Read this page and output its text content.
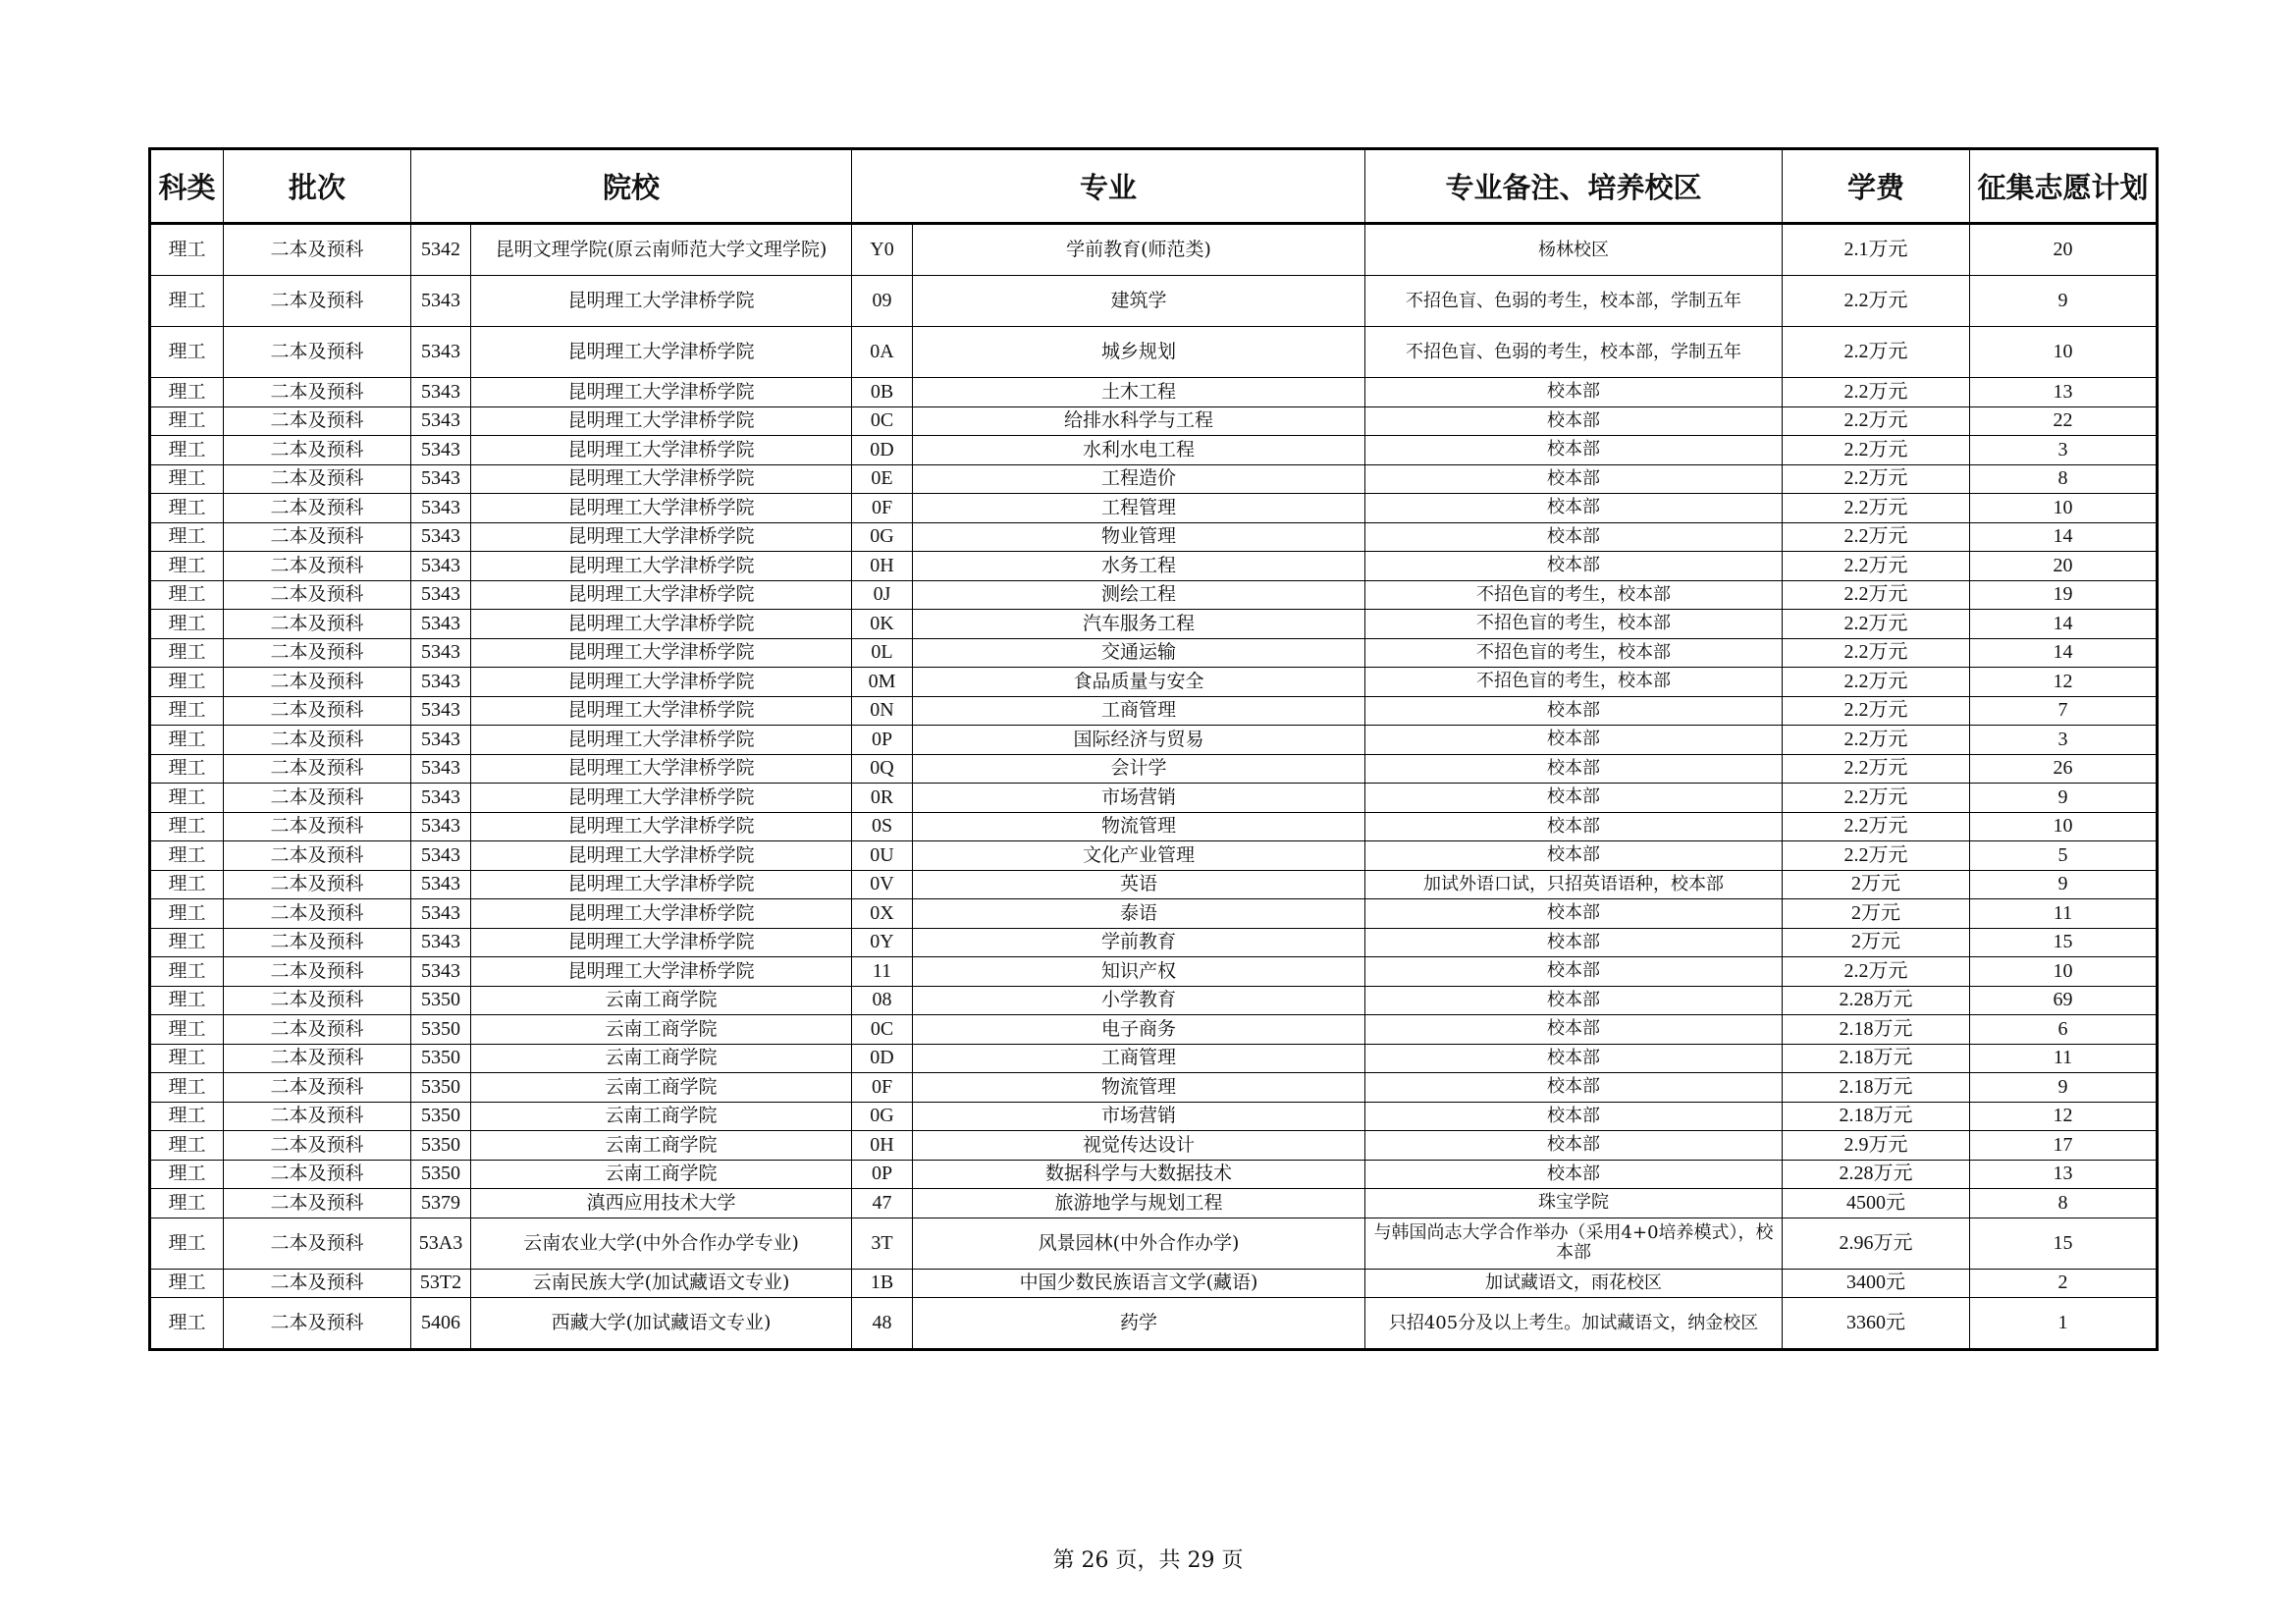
科类	批次	院校		专业		专业备注、培养校区	学费	征集志愿计划
理工	二本及预科	5342	昆明文理学院(原云南师范大学文理学院)	Y0	学前教育(师范类)	杨林校区	2.1万元	20
理工	二本及预科	5343	昆明理工大学津桥学院	09	建筑学	不招色盲、色弱的考生，校本部，学制五年	2.2万元	9
理工	二本及预科	5343	昆明理工大学津桥学院	0A	城乡规划	不招色盲、色弱的考生，校本部，学制五年	2.2万元	10
理工	二本及预科	5343	昆明理工大学津桥学院	0B	土木工程	校本部	2.2万元	13
理工	二本及预科	5343	昆明理工大学津桥学院	0C	给排水科学与工程	校本部	2.2万元	22
理工	二本及预科	5343	昆明理工大学津桥学院	0D	水利水电工程	校本部	2.2万元	3
理工	二本及预科	5343	昆明理工大学津桥学院	0E	工程造价	校本部	2.2万元	8
理工	二本及预科	5343	昆明理工大学津桥学院	0F	工程管理	校本部	2.2万元	10
理工	二本及预科	5343	昆明理工大学津桥学院	0G	物业管理	校本部	2.2万元	14
理工	二本及预科	5343	昆明理工大学津桥学院	0H	水务工程	校本部	2.2万元	20
理工	二本及预科	5343	昆明理工大学津桥学院	0J	测绘工程	不招色盲的考生，校本部	2.2万元	19
理工	二本及预科	5343	昆明理工大学津桥学院	0K	汽车服务工程	不招色盲的考生，校本部	2.2万元	14
理工	二本及预科	5343	昆明理工大学津桥学院	0L	交通运输	不招色盲的考生，校本部	2.2万元	14
理工	二本及预科	5343	昆明理工大学津桥学院	0M	食品质量与安全	不招色盲的考生，校本部	2.2万元	12
理工	二本及预科	5343	昆明理工大学津桥学院	0N	工商管理	校本部	2.2万元	7
理工	二本及预科	5343	昆明理工大学津桥学院	0P	国际经济与贸易	校本部	2.2万元	3
理工	二本及预科	5343	昆明理工大学津桥学院	0Q	会计学	校本部	2.2万元	26
理工	二本及预科	5343	昆明理工大学津桥学院	0R	市场营销	校本部	2.2万元	9
理工	二本及预科	5343	昆明理工大学津桥学院	0S	物流管理	校本部	2.2万元	10
理工	二本及预科	5343	昆明理工大学津桥学院	0U	文化产业管理	校本部	2.2万元	5
理工	二本及预科	5343	昆明理工大学津桥学院	0V	英语	加试外语口试，只招英语语种，校本部	2万元	9
理工	二本及预科	5343	昆明理工大学津桥学院	0X	泰语	校本部	2万元	11
理工	二本及预科	5343	昆明理工大学津桥学院	0Y	学前教育	校本部	2万元	15
理工	二本及预科	5343	昆明理工大学津桥学院	11	知识产权	校本部	2.2万元	10
理工	二本及预科	5350	云南工商学院	08	小学教育	校本部	2.28万元	69
理工	二本及预科	5350	云南工商学院	0C	电子商务	校本部	2.18万元	6
理工	二本及预科	5350	云南工商学院	0D	工商管理	校本部	2.18万元	11
理工	二本及预科	5350	云南工商学院	0F	物流管理	校本部	2.18万元	9
理工	二本及预科	5350	云南工商学院	0G	市场营销	校本部	2.18万元	12
理工	二本及预科	5350	云南工商学院	0H	视觉传达设计	校本部	2.9万元	17
理工	二本及预科	5350	云南工商学院	0P	数据科学与大数据技术	校本部	2.28万元	13
理工	二本及预科	5379	滇西应用技术大学	47	旅游地学与规划工程	珠宝学院	4500元	8
理工	二本及预科	53A3	云南农业大学(中外合作办学专业)	3T	风景园林(中外合作办学)	与韩国尚志大学合作举办（采用4+0培养模式），校本部	2.96万元	15
理工	二本及预科	53T2	云南民族大学(加试藏语文专业)	1B	中国少数民族语言文学(藏语)	加试藏语文，雨花校区	3400元	2
理工	二本及预科	5406	西藏大学(加试藏语文专业)	48	药学	只招405分及以上考生。加试藏语文，纳金校区	3360元	1
第 26 页，共 29 页
